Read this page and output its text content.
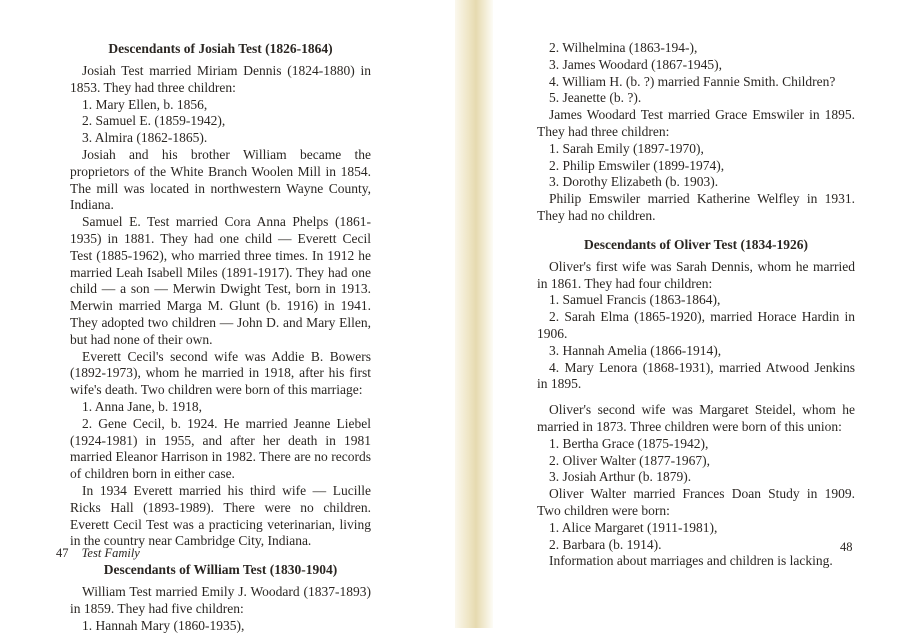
Descendants of Josiah Test (1826-1864)

Josiah Test married Miriam Dennis (1824-1880) in 1853. They had three children:

1. Mary Ellen, b. 1856,

2. Samuel E. (1859-1942),

3. Almira (1862-1865).

Josiah and his brother William became the proprietors of the White Branch Woolen Mill in 1854. The mill was located in northwestern Wayne County, Indiana.

Samuel E. Test married Cora Anna Phelps (1861-1935) in 1881. They had one child — Everett Cecil Test (1885-1962), who married three times. In 1912 he married Leah Isabell Miles (1891-1917). They had one child — a son — Merwin Dwight Test, born in 1913. Merwin married Marga M. Glunt (b. 1916) in 1941. They adopted two children — John D. and Mary Ellen, but had none of their own.

Everett Cecil's second wife was Addie B. Bowers (1892-1973), whom he married in 1918, after his first wife's death. Two children were born of this marriage:

1. Anna Jane, b. 1918,

2. Gene Cecil, b. 1924. He married Jeanne Liebel (1924-1981) in 1955, and after her death in 1981 married Eleanor Harrison in 1982. There are no records of children born in either case.

In 1934 Everett married his third wife — Lucille Ricks Hall (1893-1989). There were no children. Everett Cecil Test was a practicing veterinarian, living in the country near Cambridge City, Indiana.

Descendants of William Test (1830-1904)

William Test married Emily J. Woodard (1837-1893) in 1859. They had five children:

1. Hannah Mary (1860-1935),

47 Test Family

2. Wilhelmina (1863-194-),

3. James Woodard (1867-1945),

4. William H. (b. ?) married Fannie Smith. Children?

5. Jeanette (b. ?).

James Woodard Test married Grace Emswiler in 1895. They had three children:

1. Sarah Emily (1897-1970),

2. Philip Emswiler (1899-1974),

3. Dorothy Elizabeth (b. 1903).

Philip Emswiler married Katherine Welfley in 1931. They had no children.

Descendants of Oliver Test (1834-1926)

Oliver's first wife was Sarah Dennis, whom he married in 1861. They had four children:

1. Samuel Francis (1863-1864),

2. Sarah Elma (1865-1920), married Horace Hardin in 1906.

3. Hannah Amelia (1866-1914),

4. Mary Lenora (1868-1931), married Atwood Jenkins in 1895.

Oliver's second wife was Margaret Steidel, whom he married in 1873. Three children were born of this union:

1. Bertha Grace (1875-1942),

2. Oliver Walter (1877-1967),

3. Josiah Arthur (b. 1879).

Oliver Walter married Frances Doan Study in 1909. Two children were born:

1. Alice Margaret (1911-1981),

2. Barbara (b. 1914).

Information about marriages and children is lacking.

48
